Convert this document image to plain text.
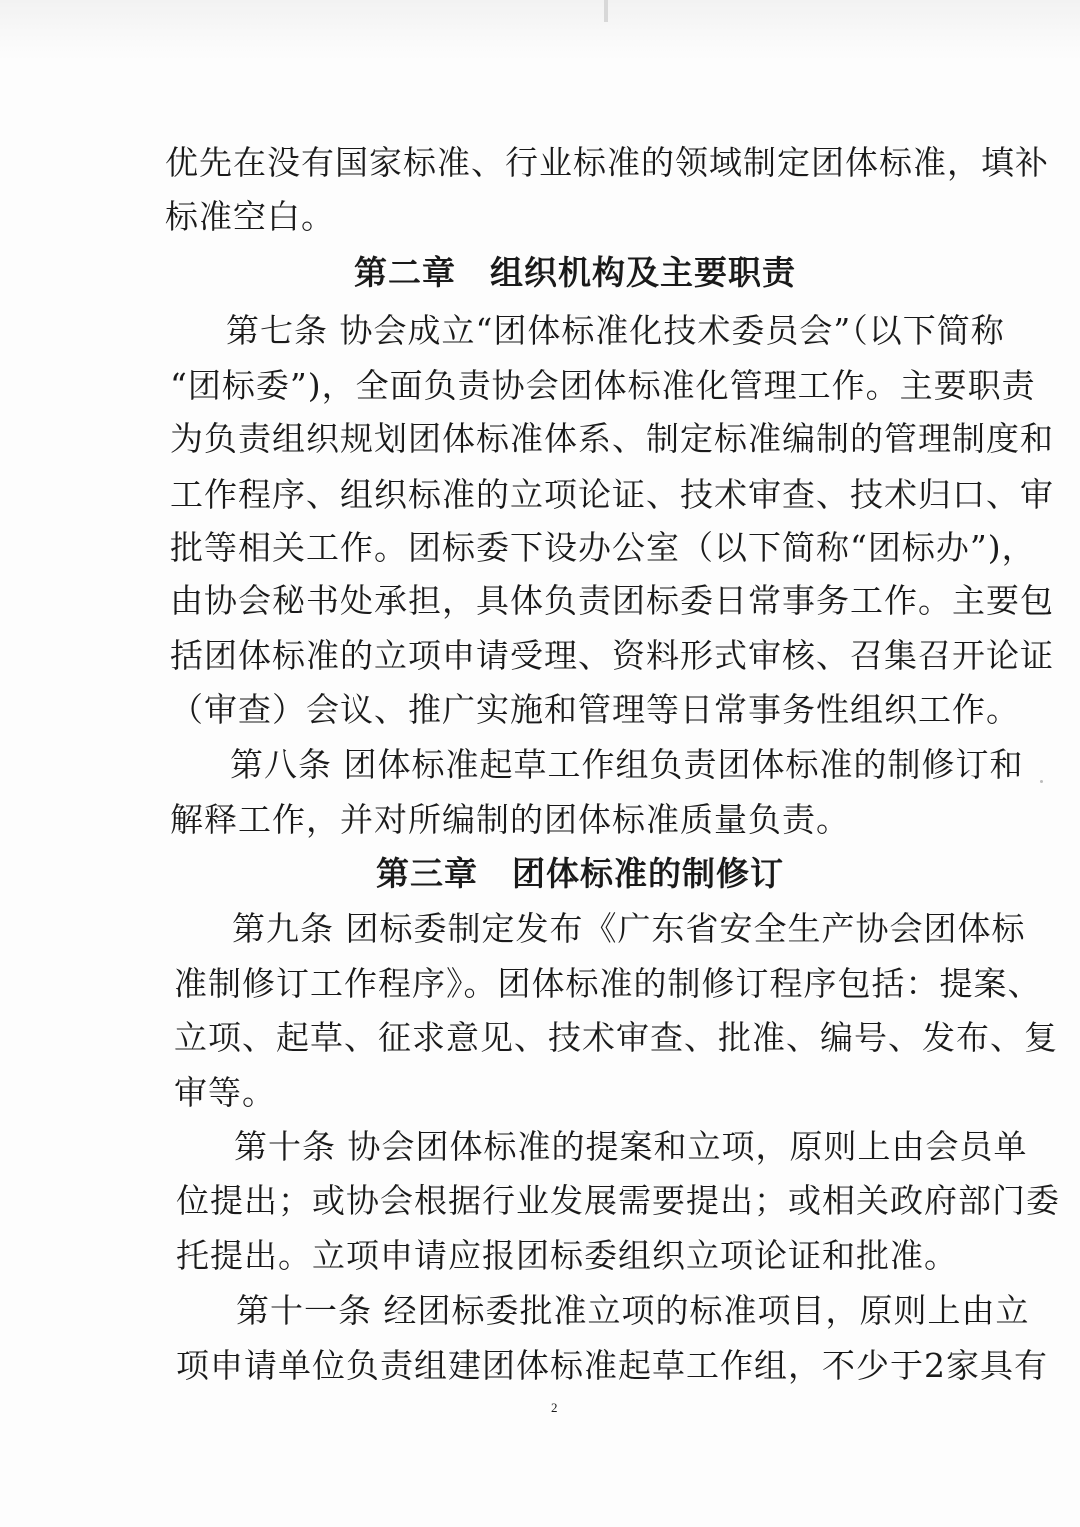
优先在没有国家标准、行业标准的领域制定团体标准，填补
标准空白。
第二章　组织机构及主要职责
第七条 协会成立“团体标准化技术委员会”（以下简称
“团标委”)，全面负责协会团体标准化管理工作。主要职责
为负责组织规划团体标准体系、制定标准编制的管理制度和
工作程序、组织标准的立项论证、技术审查、技术归口、审
批等相关工作。团标委下设办公室（以下简称“团标办”)，
由协会秘书处承担，具体负责团标委日常事务工作。主要包
括团体标准的立项申请受理、资料形式审核、召集召开论证
（审查）会议、推广实施和管理等日常事务性组织工作。
第八条 团体标准起草工作组负责团体标准的制修订和
解释工作，并对所编制的团体标准质量负责。
第三章　团体标准的制修订
第九条 团标委制定发布《广东省安全生产协会团体标
准制修订工作程序》。团体标准的制修订程序包括：提案、
立项、起草、征求意见、技术审查、批准、编号、发布、复
审等。
第十条 协会团体标准的提案和立项，原则上由会员单
位提出；或协会根据行业发展需要提出；或相关政府部门委
托提出。立项申请应报团标委组织立项论证和批准。
第十一条 经团标委批准立项的标准项目，原则上由立
项申请单位负责组建团体标准起草工作组，不少于2家具有
2
